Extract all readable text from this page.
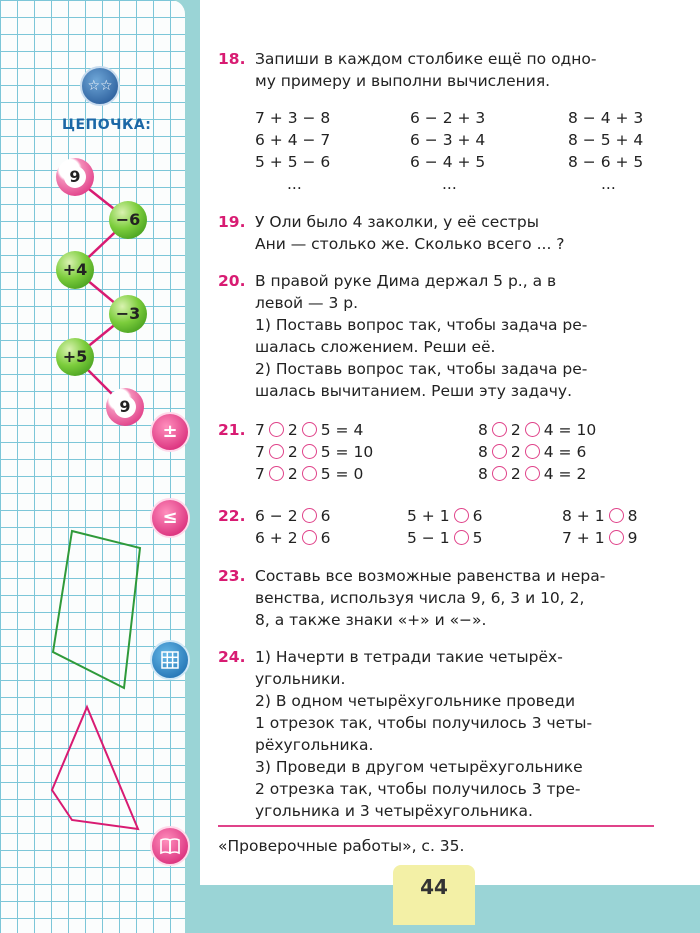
☆☆
ЦЕПОЧКА:
9
−6
+4
−3
+5
9
±
≤
18. Запиши в каждом столбике ещё по одно-
му примеру и выполни вычисления.
7 + 3 − 8
6 + 4 − 7
5 + 5 − 6
...
6 − 2 + 3
6 − 3 + 4
6 − 4 + 5
...
8 − 4 + 3
8 − 5 + 4
8 − 6 + 5
...
19. У Оли было 4 заколки, у её сестры
Ани — столько же. Сколько всего ... ?
20. В правой руке Дима держал 5 р., а в
левой — 3 р.
1) Поставь вопрос так, чтобы задача ре-
шалась сложением. Реши её.
2) Поставь вопрос так, чтобы задача ре-
шалась вычитанием. Реши эту задачу.
21. 7 2 5 = 4
7 2 5 = 10
7 2 5 = 0
8 2 4 = 10
8 2 4 = 6
8 2 4 = 2
22. 6 − 2 6
6 + 2 6
5 + 1 6
5 − 1 5
8 + 1 8
7 + 1 9
23. Составь все возможные равенства и нера-
венства, используя числа 9, 6, 3 и 10, 2,
8, а также знаки «+» и «−».
24. 1) Начерти в тетради такие четырёх-
угольники.
2) В одном четырёхугольнике проведи
1 отрезок так, чтобы получилось 3 четы-
рёхугольника.
3) Проведи в другом четырёхугольнике
2 отрезка так, чтобы получилось 3 тре-
угольника и 3 четырёхугольника.
«Проверочные работы», с. 35.
44
